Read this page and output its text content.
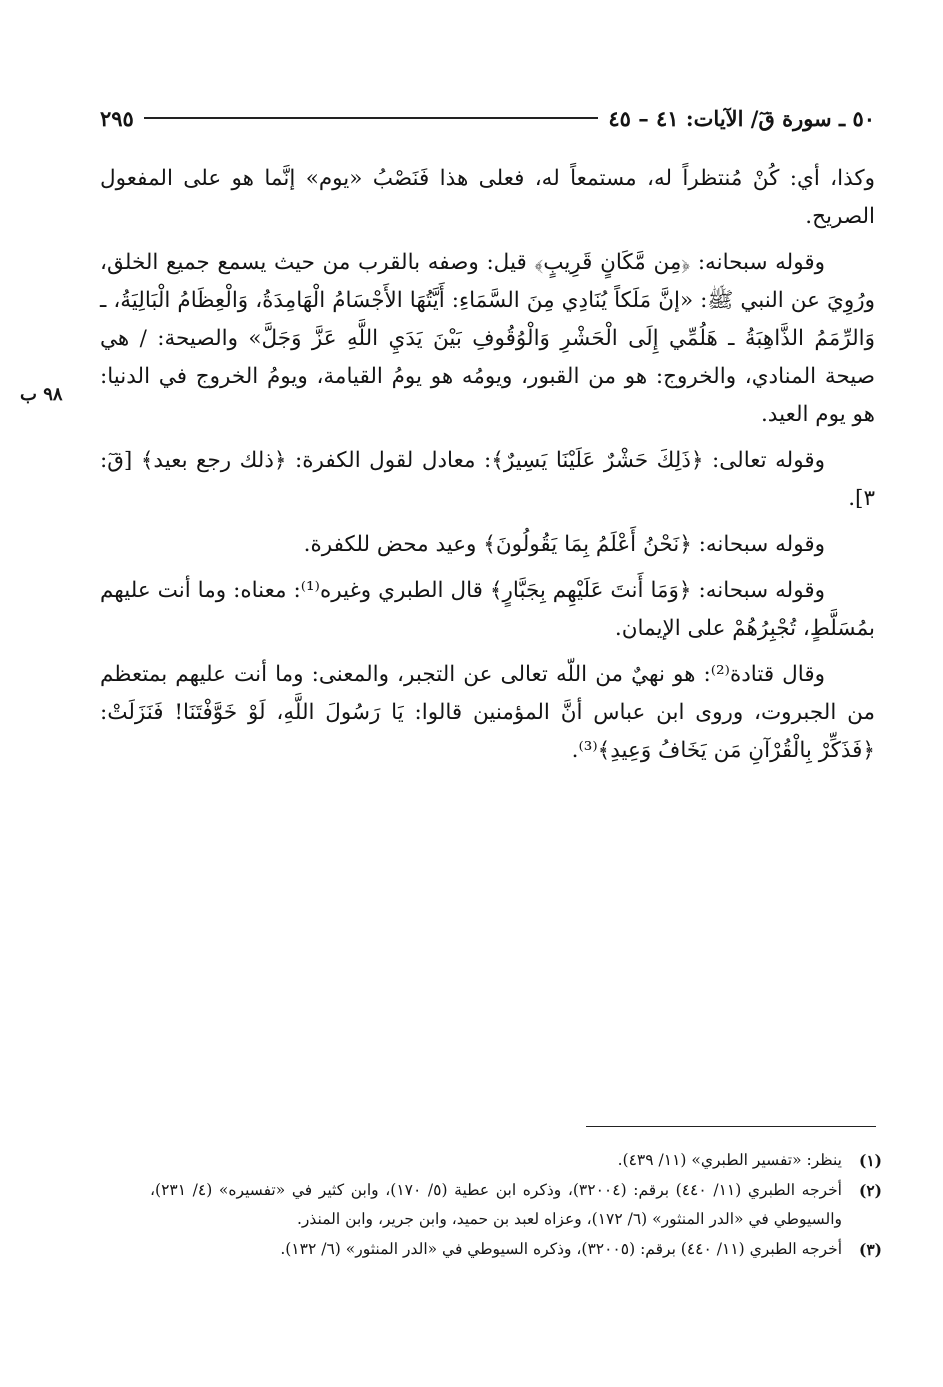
٥٠ ـ سورة قٓ/ الآيات: ٤١ – ٤٥
٢٩٥
٩٨ ب

وكذا، أي: كُنْ مُنتظراً له، مستمعاً له، فعلى هذا فَنَصْبُ «يوم» إنَّما هو على المفعول الصريح.

وقوله سبحانه: ﴿مِن مَّكَانٍ قَرِيبٍ﴾ قيل: وصفه بالقرب من حيث يسمع جميع الخلق، ورُوِيَ عن النبي ﷺ: «إنَّ مَلَكاً يُنَادِي مِنَ السَّمَاءِ: أَيَّتُهَا الأَجْسَامُ الْهَامِدَةُ، وَالْعِظَامُ الْبَالِيَةُ، ـ وَالرِّمَمُ الذَّاهِبَةُ ـ هَلُمِّي إِلَى الْحَشْرِ وَالْوُقُوفِ بَيْنَ يَدَيِ اللَّهِ عَزَّ وَجَلَّ» والصيحة: / هي صيحة المنادي، والخروج: هو من القبور، ويومُه هو يومُ القيامة، ويومُ الخروج في الدنيا: هو يوم العيد.

وقوله تعالى: ﴿ذَلِكَ حَشْرٌ عَلَيْنَا يَسِيرٌ﴾: معادل لقول الكفرة: ﴿ذلك رجع بعيد﴾ [قٓ: ٣].

وقوله سبحانه: ﴿نَحْنُ أَعْلَمُ بِمَا يَقُولُونَ﴾ وعيد محض للكفرة.

وقوله سبحانه: ﴿وَمَا أَنتَ عَلَيْهِم بِجَبَّارٍ﴾ قال الطبري وغيره⁽¹⁾: معناه: وما أنت عليهم بمُسَلَّطٍ، تُجْبِرُهُمْ على الإيمان.

وقال قتادة⁽²⁾: هو نهيٌ من اللّه تعالى عن التجبر، والمعنى: وما أنت عليهم بمتعظم من الجبروت، وروى ابن عباس أنَّ المؤمنين قالوا: يَا رَسُولَ اللَّهِ، لَوْ خَوَّفْتَنَا! فَنَزَلَتْ: ﴿فَذَكِّرْ بِالْقُرْآنِ مَن يَخَافُ وَعِيدِ﴾⁽³⁾.

(١)
ينظر: «تفسير الطبري» (١١/ ٤٣٩).
(٢)
أخرجه الطبري (١١/ ٤٤٠) برقم: (٣٢٠٠٤)، وذكره ابن عطية (٥/ ١٧٠)، وابن كثير في «تفسيره» (٤/ ٢٣١)، والسيوطي في «الدر المنثور» (٦/ ١٧٢)، وعزاه لعبد بن حميد، وابن جرير، وابن المنذر.
(٣)
أخرجه الطبري (١١/ ٤٤٠) برقم: (٣٢٠٠٥)، وذكره السيوطي في «الدر المنثور» (٦/ ١٣٢).
